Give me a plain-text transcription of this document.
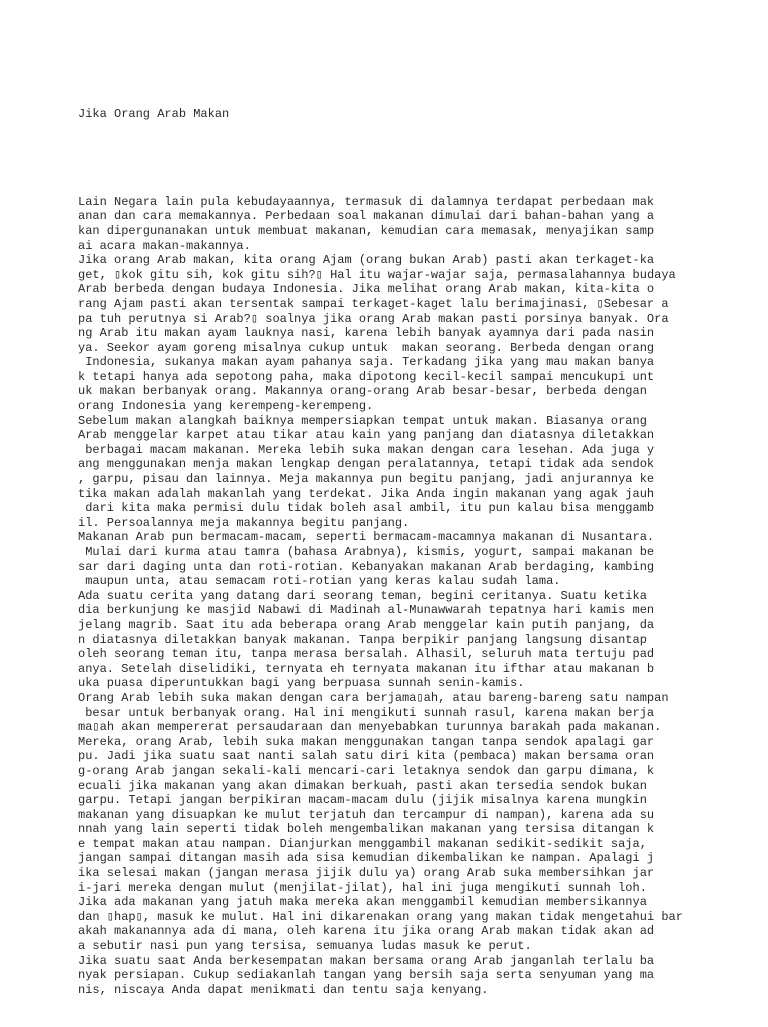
Jika Orang Arab Makan

Lain Negara lain pula kebudayaannya, termasuk di dalamnya terdapat perbedaan mak
anan dan cara memakannya. Perbedaan soal makanan dimulai dari bahan-bahan yang a
kan dipergunanakan untuk membuat makanan, kemudian cara memasak, menyajikan samp
ai acara makan-makannya.
Jika orang Arab makan, kita orang Ajam (orang bukan Arab) pasti akan terkaget-ka
get, ▯kok gitu sih, kok gitu sih?▯ Hal itu wajar-wajar saja, permasalahannya budaya
Arab berbeda dengan budaya Indonesia. Jika melihat orang Arab makan, kita-kita o
rang Ajam pasti akan tersentak sampai terkaget-kaget lalu berimajinasi, ▯Sebesar a
pa tuh perutnya si Arab?▯ soalnya jika orang Arab makan pasti porsinya banyak. Ora
ng Arab itu makan ayam lauknya nasi, karena lebih banyak ayamnya dari pada nasin
ya. Seekor ayam goreng misalnya cukup untuk  makan seorang. Berbeda dengan orang
Indonesia, sukanya makan ayam pahanya saja. Terkadang jika yang mau makan banya
k tetapi hanya ada sepotong paha, maka dipotong kecil-kecil sampai mencukupi unt
uk makan berbanyak orang. Makannya orang-orang Arab besar-besar, berbeda dengan
orang Indonesia yang kerempeng-kerempeng.
Sebelum makan alangkah baiknya mempersiapkan tempat untuk makan. Biasanya orang
Arab menggelar karpet atau tikar atau kain yang panjang dan diatasnya diletakkan
berbagai macam makanan. Mereka lebih suka makan dengan cara lesehan. Ada juga y
ang menggunakan menja makan lengkap dengan peralatannya, tetapi tidak ada sendok
, garpu, pisau dan lainnya. Meja makannya pun begitu panjang, jadi anjurannya ke
tika makan adalah makanlah yang terdekat. Jika Anda ingin makanan yang agak jauh
dari kita maka permisi dulu tidak boleh asal ambil, itu pun kalau bisa menggamb
il. Persoalannya meja makannya begitu panjang.
Makanan Arab pun bermacam-macam, seperti bermacam-macamnya makanan di Nusantara.
Mulai dari kurma atau tamra (bahasa Arabnya), kismis, yogurt, sampai makanan be
sar dari daging unta dan roti-rotian. Kebanyakan makanan Arab berdaging, kambing
maupun unta, atau semacam roti-rotian yang keras kalau sudah lama.
Ada suatu cerita yang datang dari seorang teman, begini ceritanya. Suatu ketika
dia berkunjung ke masjid Nabawi di Madinah al-Munawwarah tepatnya hari kamis men
jelang magrib. Saat itu ada beberapa orang Arab menggelar kain putih panjang, da
n diatasnya diletakkan banyak makanan. Tanpa berpikir panjang langsung disantap
oleh seorang teman itu, tanpa merasa bersalah. Alhasil, seluruh mata tertuju pad
anya. Setelah diselidiki, ternyata eh ternyata makanan itu ifthar atau makanan b
uka puasa diperuntukkan bagi yang berpuasa sunnah senin-kamis.
Orang Arab lebih suka makan dengan cara berjama▯ah, atau bareng-bareng satu nampan
besar untuk berbanyak orang. Hal ini mengikuti sunnah rasul, karena makan berja
ma▯ah akan mempererat persaudaraan dan menyebabkan turunnya barakah pada makanan.
Mereka, orang Arab, lebih suka makan menggunakan tangan tanpa sendok apalagi gar
pu. Jadi jika suatu saat nanti salah satu diri kita (pembaca) makan bersama oran
g-orang Arab jangan sekali-kali mencari-cari letaknya sendok dan garpu dimana, k
ecuali jika makanan yang akan dimakan berkuah, pasti akan tersedia sendok bukan
garpu. Tetapi jangan berpikiran macam-macam dulu (jijik misalnya karena mungkin
makanan yang disuapkan ke mulut terjatuh dan tercampur di nampan), karena ada su
nnah yang lain seperti tidak boleh mengembalikan makanan yang tersisa ditangan k
e tempat makan atau nampan. Dianjurkan menggambil makanan sedikit-sedikit saja,
jangan sampai ditangan masih ada sisa kemudian dikembalikan ke nampan. Apalagi j
ika selesai makan (jangan merasa jijik dulu ya) orang Arab suka membersihkan jar
i-jari mereka dengan mulut (menjilat-jilat), hal ini juga mengikuti sunnah loh.
Jika ada makanan yang jatuh maka mereka akan menggambil kemudian membersikannya
dan ▯hap▯, masuk ke mulut. Hal ini dikarenakan orang yang makan tidak mengetahui bar
akah makanannya ada di mana, oleh karena itu jika orang Arab makan tidak akan ad
a sebutir nasi pun yang tersisa, semuanya ludas masuk ke perut.
Jika suatu saat Anda berkesempatan makan bersama orang Arab janganlah terlalu ba
nyak persiapan. Cukup sediakanlah tangan yang bersih saja serta senyuman yang ma
nis, niscaya Anda dapat menikmati dan tentu saja kenyang.
